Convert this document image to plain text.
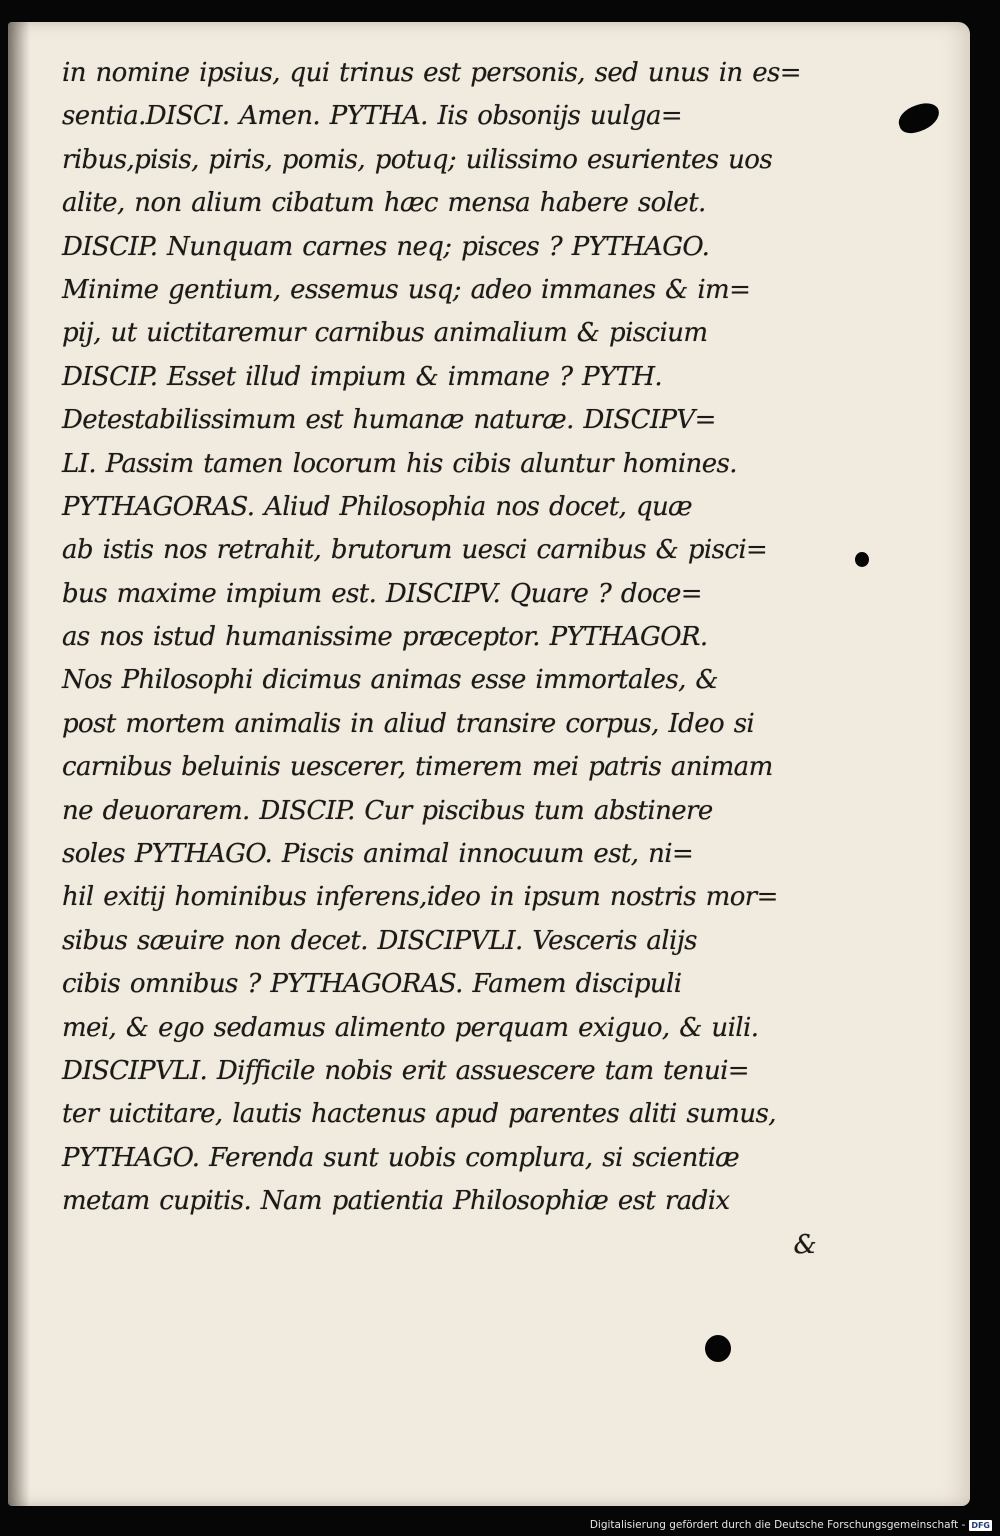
in nomine ipsius, qui trinus est personis, sed unus in es=
sentia.DISCI. Amen. PYTHA. Iis obsonijs uulga=
ribus,pisis, piris, pomis, potuq; uilissimo esurientes uos
alite, non alium cibatum hæc mensa habere solet.
DISCIP. Nunquam carnes neq; pisces ? PYTHAGO.
Minime gentium, essemus usq; adeo immanes & im=
pij, ut uictitaremur carnibus animalium & piscium
DISCIP. Esset illud impium & immane ? PYTH.
Detestabilissimum est humanæ naturæ. DISCIPV=
LI. Passim tamen locorum his cibis aluntur homines.
PYTHAGORAS. Aliud Philosophia nos docet, quæ
ab istis nos retrahit, brutorum uesci carnibus & pisci=
bus maxime impium est. DISCIPV. Quare ? doce=
as nos istud humanissime præceptor. PYTHAGOR.
Nos Philosophi dicimus animas esse immortales, &
post mortem animalis in aliud transire corpus, Ideo si
carnibus beluinis uescerer, timerem mei patris animam
ne deuorarem. DISCIP. Cur piscibus tum abstinere
soles PYTHAGO. Piscis animal innocuum est, ni=
hil exitij hominibus inferens,ideo in ipsum nostris mor=
sibus sæuire non decet. DISCIPVLI. Vesceris alijs
cibis omnibus ? PYTHAGORAS. Famem discipuli
mei, & ego sedamus alimento perquam exiguo, & uili.
DISCIPVLI. Difficile nobis erit assuescere tam tenui=
ter uictitare, lautis hactenus apud parentes aliti sumus,
PYTHAGO. Ferenda sunt uobis complura, si scientiæ
metam cupitis. Nam patientia Philosophiæ est radix
&
Digitalisierung gefördert durch die Deutsche Forschungsgemeinschaft - DFG
